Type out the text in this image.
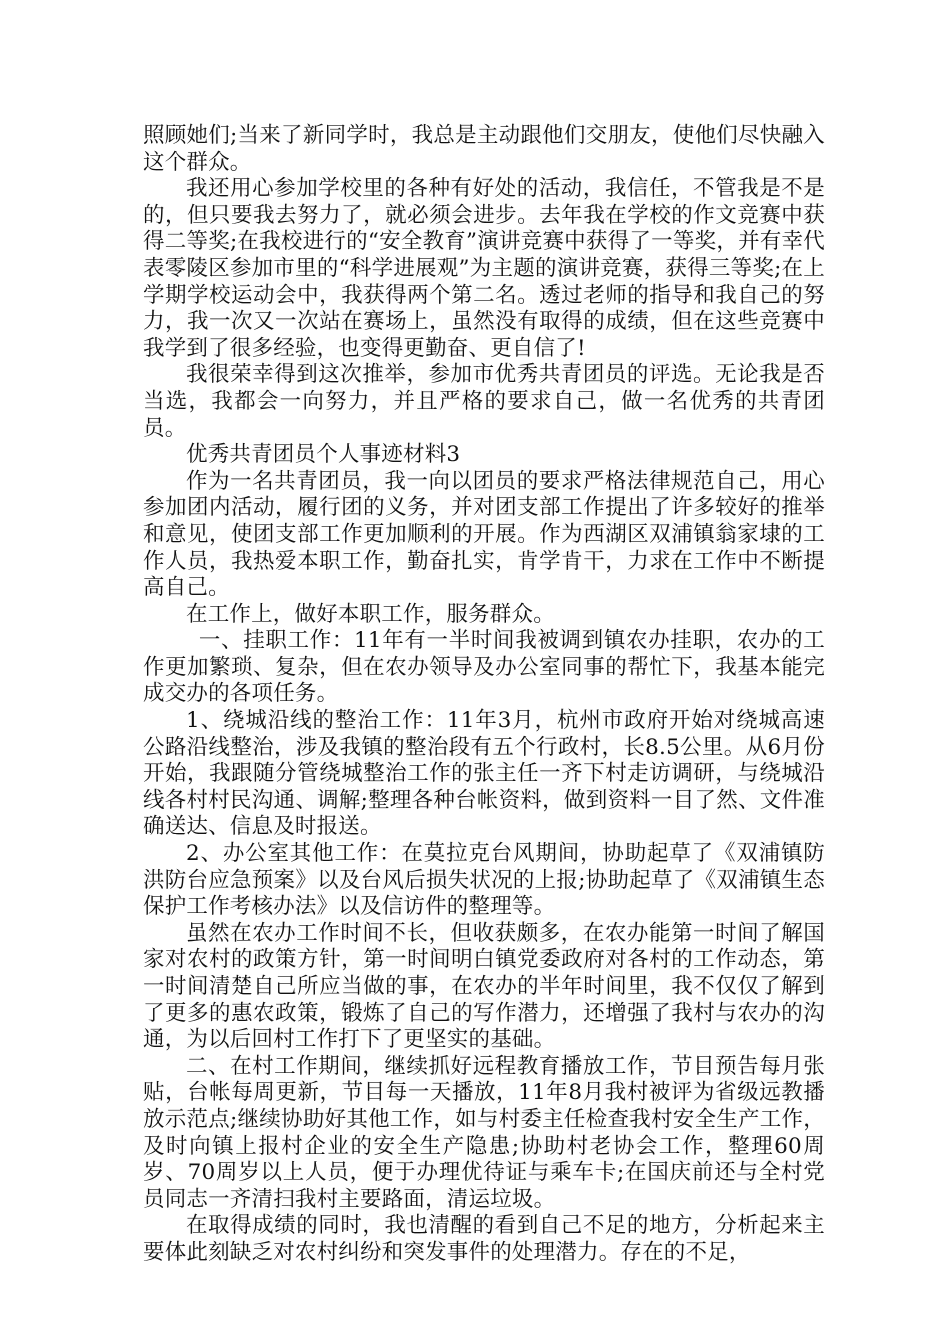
照顾她们;当来了新同学时，我总是主动跟他们交朋友，使他们尽快融入这个群众。

我还用心参加学校里的各种有好处的活动，我信任，不管我是不是的，但只要我去努力了，就必须会进步。去年我在学校的作文竞赛中获得二等奖;在我校进行的“安全教育”演讲竞赛中获得了一等奖，并有幸代表零陵区参加市里的“科学进展观”为主题的演讲竞赛，获得三等奖;在上学期学校运动会中，我获得两个第二名。透过老师的指导和我自己的努力，我一次又一次站在赛场上，虽然没有取得的成绩，但在这些竞赛中我学到了很多经验，也变得更勤奋、更自信了!

我很荣幸得到这次推举，参加市优秀共青团员的评选。无论我是否当选，我都会一向努力，并且严格的要求自己，做一名优秀的共青团员。

优秀共青团员个人事迹材料3

作为一名共青团员，我一向以团员的要求严格法律规范自己，用心参加团内活动，履行团的义务，并对团支部工作提出了许多较好的推举和意见，使团支部工作更加顺利的开展。作为西湖区双浦镇翁家埭的工作人员，我热爱本职工作，勤奋扎实，肯学肯干，力求在工作中不断提高自己。

在工作上，做好本职工作，服务群众。

一、挂职工作：11年有一半时间我被调到镇农办挂职，农办的工作更加繁琐、复杂，但在农办领导及办公室同事的帮忙下，我基本能完成交办的各项任务。

1、绕城沿线的整治工作：11年3月，杭州市政府开始对绕城高速公路沿线整治，涉及我镇的整治段有五个行政村，长8.5公里。从6月份开始，我跟随分管绕城整治工作的张主任一齐下村走访调研，与绕城沿线各村村民沟通、调解;整理各种台帐资料，做到资料一目了然、文件准确送达、信息及时报送。

2、办公室其他工作：在莫拉克台风期间，协助起草了《双浦镇防洪防台应急预案》以及台风后损失状况的上报;协助起草了《双浦镇生态保护工作考核办法》以及信访件的整理等。

虽然在农办工作时间不长，但收获颇多，在农办能第一时间了解国家对农村的政策方针，第一时间明白镇党委政府对各村的工作动态，第一时间清楚自己所应当做的事，在农办的半年时间里，我不仅仅了解到了更多的惠农政策，锻炼了自己的写作潜力，还增强了我村与农办的沟通，为以后回村工作打下了更坚实的基础。

二、在村工作期间，继续抓好远程教育播放工作，节目预告每月张贴，台帐每周更新，节目每一天播放，11年8月我村被评为省级远教播放示范点;继续协助好其他工作，如与村委主任检查我村安全生产工作，及时向镇上报村企业的安全生产隐患;协助村老协会工作，整理60周岁、70周岁以上人员，便于办理优待证与乘车卡;在国庆前还与全村党员同志一齐清扫我村主要路面，清运垃圾。

在取得成绩的同时，我也清醒的看到自己不足的地方，分析起来主要体此刻缺乏对农村纠纷和突发事件的处理潜力。存在的不足，
